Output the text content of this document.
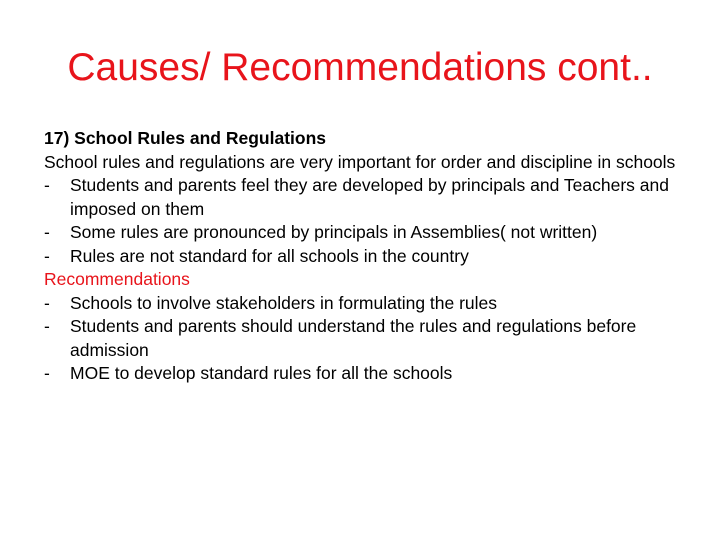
Causes/ Recommendations cont..

17) School Rules and Regulations

School rules and regulations are very important for order and discipline in schools

-	Students and parents feel they are developed by principals and Teachers and imposed on them
-	Some rules are pronounced by principals in Assemblies( not written)
-	Rules are not standard for all schools in the country

Recommendations

-	Schools to involve stakeholders in formulating the rules
-	Students and parents should understand the rules and regulations before admission
-	MOE to develop standard rules for all the schools
